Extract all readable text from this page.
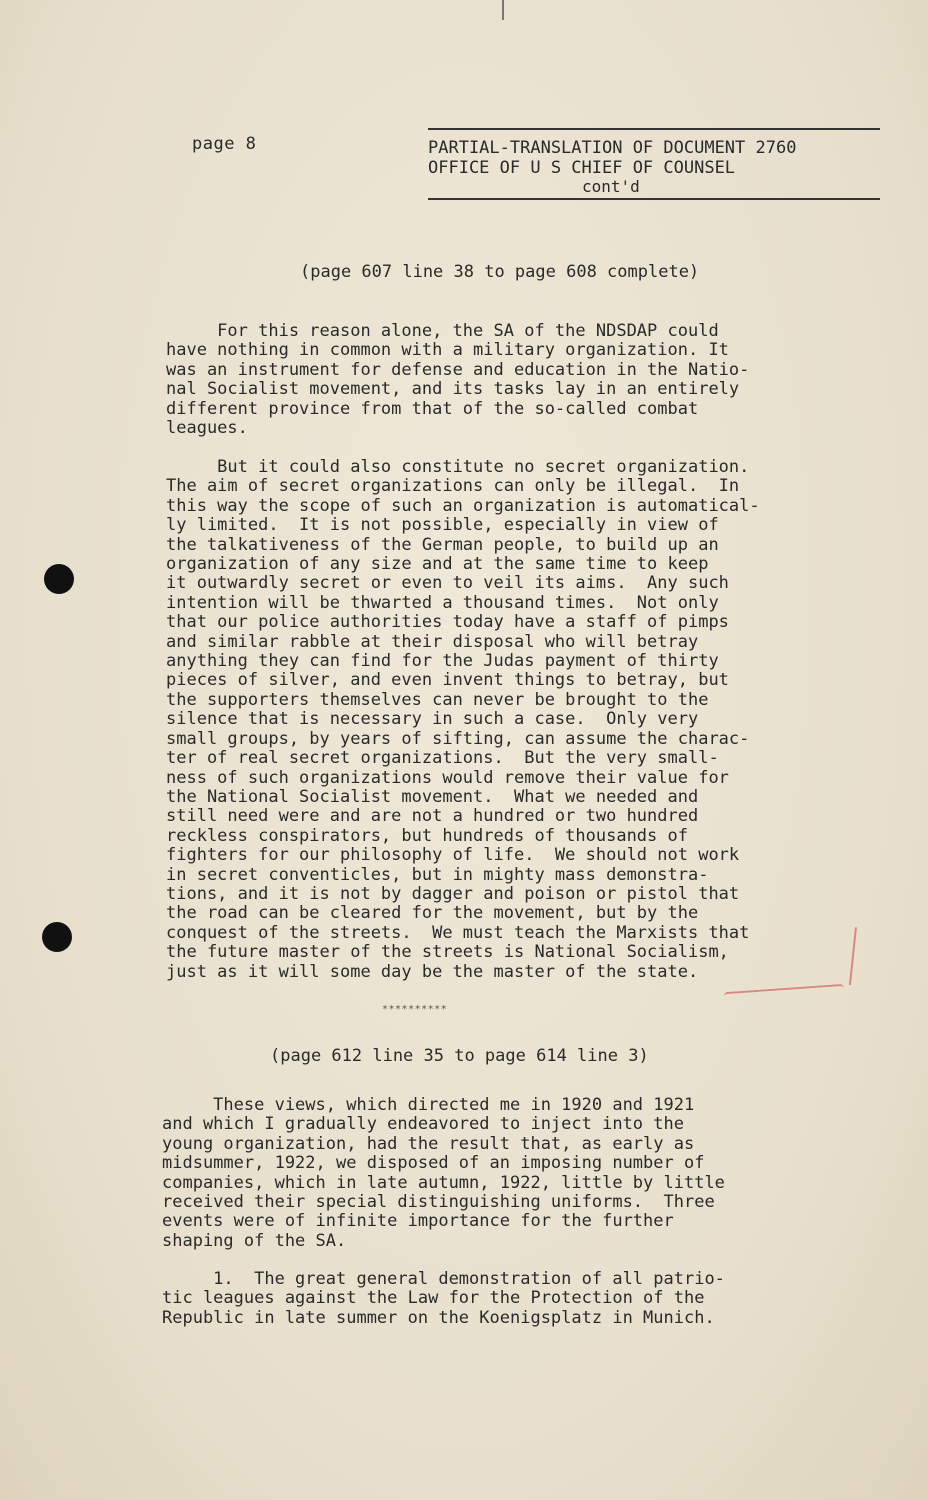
page 8	PARTIAL-TRANSLATION OF DOCUMENT 2760
OFFICE OF U S CHIEF OF COUNSEL
cont'd
(page 607 line 38 to page 608 complete)
For this reason alone, the SA of the NDSDAP could
have nothing in common with a military organization. It
was an instrument for defense and education in the Natio-
nal Socialist movement, and its tasks lay in an entirely
different province from that of the so-called combat
leagues.
But it could also constitute no secret organization.
The aim of secret organizations can only be illegal.  In
this way the scope of such an organization is automatical-
ly limited.  It is not possible, especially in view of
the talkativeness of the German people, to build up an
organization of any size and at the same time to keep
it outwardly secret or even to veil its aims.  Any such
intention will be thwarted a thousand times.  Not only
that our police authorities today have a staff of pimps
and similar rabble at their disposal who will betray
anything they can find for the Judas payment of thirty
pieces of silver, and even invent things to betray, but
the supporters themselves can never be brought to the
silence that is necessary in such a case.  Only very
small groups, by years of sifting, can assume the charac-
ter of real secret organizations.  But the very small-
ness of such organizations would remove their value for
the National Socialist movement.  What we needed and
still need were and are not a hundred or two hundred
reckless conspirators, but hundreds of thousands of
fighters for our philosophy of life.  We should not work
in secret conventicles, but in mighty mass demonstra-
tions, and it is not by dagger and poison or pistol that
the road can be cleared for the movement, but by the
conquest of the streets.  We must teach the Marxists that
the future master of the streets is National Socialism,
just as it will some day be the master of the state.
**********
(page 612 line 35 to page 614 line 3)
These views, which directed me in 1920 and 1921
and which I gradually endeavored to inject into the
young organization, had the result that, as early as
midsummer, 1922, we disposed of an imposing number of
companies, which in late autumn, 1922, little by little
received their special distinguishing uniforms.  Three
events were of infinite importance for the further
shaping of the SA.
1.  The great general demonstration of all patrio-
tic leagues against the Law for the Protection of the
Republic in late summer on the Koenigsplatz in Munich.
